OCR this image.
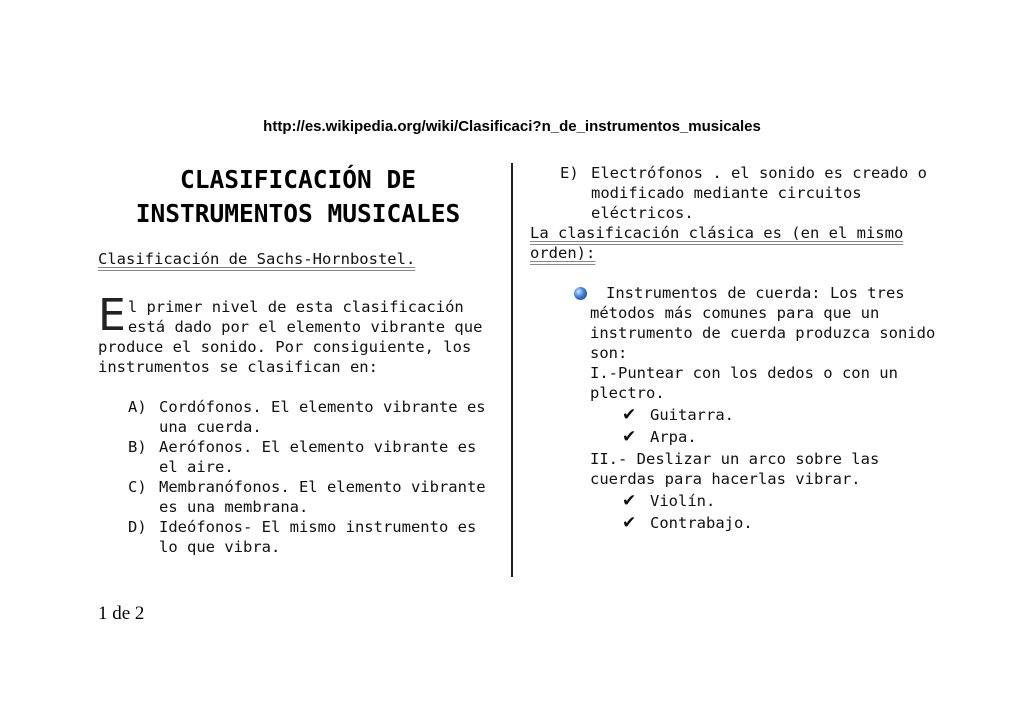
http://es.wikipedia.org/wiki/Clasificaci?n_de_instrumentos_musicales
CLASIFICACIÓN DE
INSTRUMENTOS MUSICALES
Clasificación de Sachs-Hornbostel.
E l primer nivel de esta clasificación está dado por el elemento vibrante que produce el sonido. Por consiguiente, los instrumentos se clasifican en:
A) Cordófonos. El elemento vibrante es una cuerda.
B) Aerófonos. El elemento vibrante es el aire.
C) Membranófonos. El elemento vibrante es una membrana.
D) Ideófonos- El mismo instrumento es lo que vibra.
E) Electrófonos . el sonido es creado o modificado mediante circuitos eléctricos.
La clasificación clásica es (en el mismo orden):

Instrumentos de cuerda: Los tres

métodos más comunes para que un instrumento de cuerda produzca sonido son:

I.-Puntear con los dedos o con un plectro.

✔ Guitarra.
✔ Arpa.

II.- Deslizar un arco sobre las cuerdas para hacerlas vibrar.

✔ Violín.
✔ Contrabajo.
1 de 2
